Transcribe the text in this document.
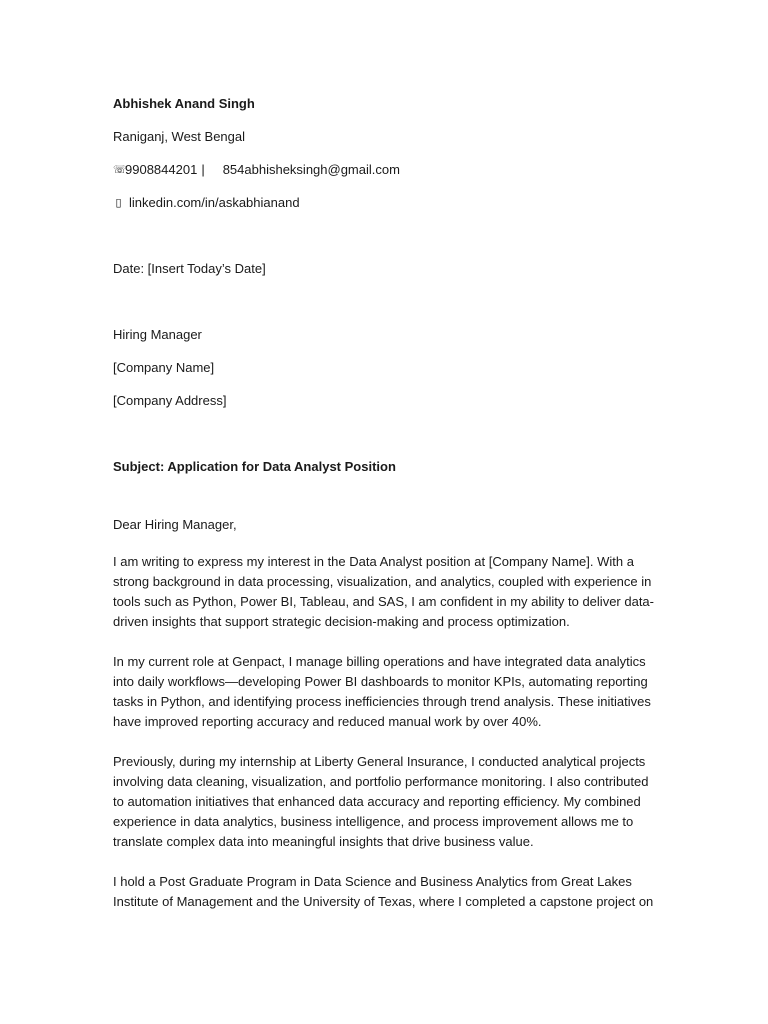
Abhishek Anand Singh
Raniganj, West Bengal
☏
9908844201 | 854abhisheksingh@gmail.com
▯ linkedin.com/in/askabhianand
Date: [Insert Today’s Date]
Hiring Manager
[Company Name]
[Company Address]
Subject: Application for Data Analyst Position
Dear Hiring Manager,
I am writing to express my interest in the Data Analyst position at [Company Name]. With a
strong background in data processing, visualization, and analytics, coupled with experience in
tools such as Python, Power BI, Tableau, and SAS, I am confident in my ability to deliver data-
driven insights that support strategic decision-making and process optimization.
In my current role at Genpact, I manage billing operations and have integrated data analytics
into daily workflows—developing Power BI dashboards to monitor KPIs, automating reporting
tasks in Python, and identifying process inefficiencies through trend analysis. These initiatives
have improved reporting accuracy and reduced manual work by over 40%.
Previously, during my internship at Liberty General Insurance, I conducted analytical projects
involving data cleaning, visualization, and portfolio performance monitoring. I also contributed
to automation initiatives that enhanced data accuracy and reporting efficiency. My combined
experience in data analytics, business intelligence, and process improvement allows me to
translate complex data into meaningful insights that drive business value.
I hold a Post Graduate Program in Data Science and Business Analytics from Great Lakes
Institute of Management and the University of Texas, where I completed a capstone project on
